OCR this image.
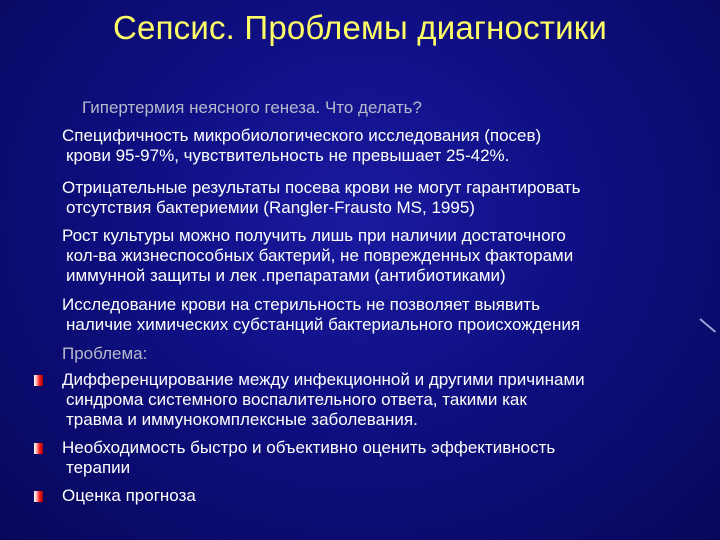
Сепсис. Проблемы диагностики
Гипертермия неясного генеза. Что делать?
Специфичность микробиологического исследования (посев)
крови 95-97%, чувствительность не превышает 25-42%.
Отрицательные результаты посева крови не могут гарантировать
отсутствия бактериемии (Rangler-Frausto MS, 1995)
Рост культуры можно получить лишь при наличии достаточного
кол-ва жизнеспособных бактерий, не поврежденных факторами
иммунной защиты и лек .препаратами (антибиотиками)
Исследование крови на стерильность не позволяет выявить
наличие химических субстанций бактериального происхождения
Проблема:
Дифференцирование между инфекционной и другими причинами
синдрома системного воспалительного ответа, такими как
травма и иммунокомплексные заболевания.
Необходимость быстро и объективно оценить эффективность
терапии
Оценка прогноза
